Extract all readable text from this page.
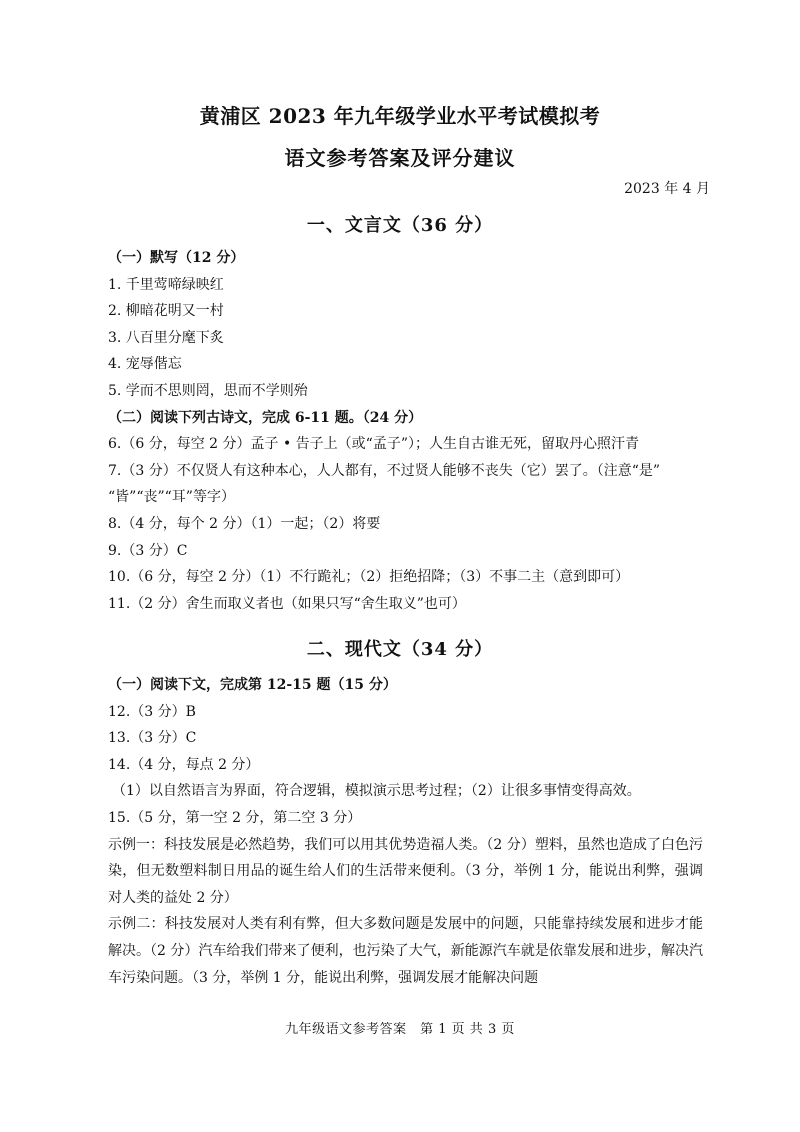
黄浦区 2023 年九年级学业水平考试模拟考
语文参考答案及评分建议
2023 年 4 月
一、文言文（36 分）
（一）默写（12 分）
1. 千里莺啼绿映红
2. 柳暗花明又一村
3. 八百里分麾下炙
4. 宠辱偕忘
5. 学而不思则罔，思而不学则殆
（二）阅读下列古诗文，完成 6-11 题。（24 分）
6.（6 分，每空 2 分）孟子 • 告子上（或“孟子”）；人生自古谁无死，留取丹心照汗青
7.（3 分）不仅贤人有这种本心，人人都有，不过贤人能够不丧失（它）罢了。（注意“是”
“皆”“丧”“耳”等字）
8.（4 分，每个 2 分）（1）一起；（2）将要
9.（3 分）C
10.（6 分，每空 2 分）（1）不行跪礼；（2）拒绝招降；（3）不事二主（意到即可）
11.（2 分）舍生而取义者也（如果只写“舍生取义”也可）
二、现代文（34 分）
（一）阅读下文，完成第 12-15 题（15 分）
12.（3 分）B
13.（3 分）C
14.（4 分，每点 2 分）
（1）以自然语言为界面，符合逻辑，模拟演示思考过程；（2）让很多事情变得高效。
15.（5 分，第一空 2 分，第二空 3 分）
示例一：科技发展是必然趋势，我们可以用其优势造福人类。（2 分）塑料，虽然也造成了白色污染，但无数塑料制日用品的诞生给人们的生活带来便利。（3 分，举例 1 分，能说出利弊，强调对人类的益处 2 分）
示例二：科技发展对人类有利有弊，但大多数问题是发展中的问题，只能靠持续发展和进步才能解决。（2 分）汽车给我们带来了便利，也污染了大气，新能源汽车就是依靠发展和进步，解决汽车污染问题。（3 分，举例 1 分，能说出利弊，强调发展才能解决问题
九年级语文参考答案　第 1 页 共 3 页
